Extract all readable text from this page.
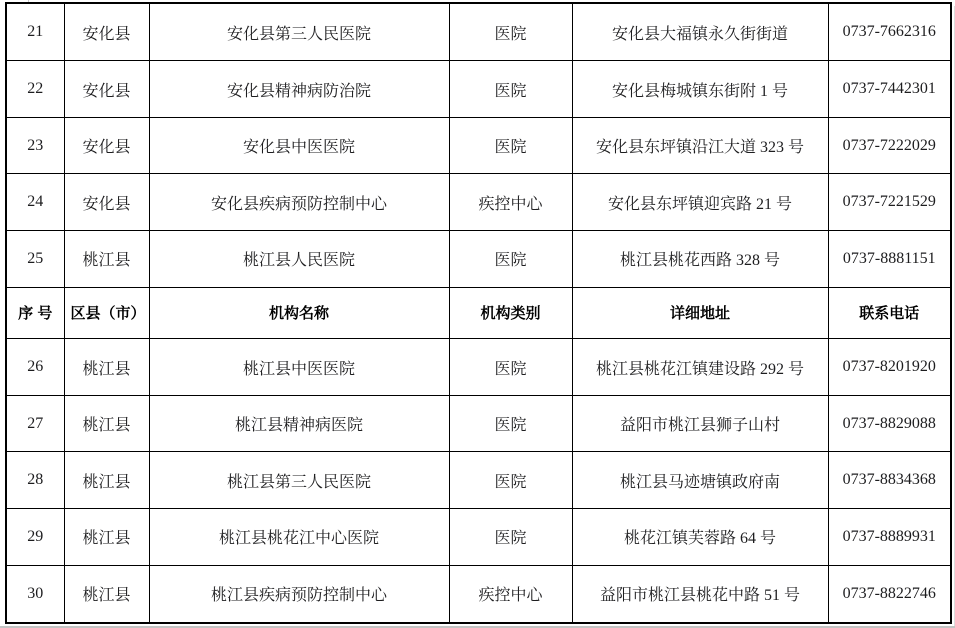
21	安化县	安化县第三人民医院	医院	安化县大福镇永久街街道	0737-7662316
22	安化县	安化县精神病防治院	医院	安化县梅城镇东街附 1 号	0737-7442301
23	安化县	安化县中医医院	医院	安化县东坪镇沿江大道 323 号	0737-7222029
24	安化县	安化县疾病预防控制中心	疾控中心	安化县东坪镇迎宾路 21 号	0737-7221529
25	桃江县	桃江县人民医院	医院	桃江县桃花西路 328 号	0737-8881151
序 号	区县（市）	机构名称	机构类别	详细地址	联系电话
26	桃江县	桃江县中医医院	医院	桃江县桃花江镇建设路 292 号	0737-8201920
27	桃江县	桃江县精神病医院	医院	益阳市桃江县狮子山村	0737-8829088
28	桃江县	桃江县第三人民医院	医院	桃江县马迹塘镇政府南	0737-8834368
29	桃江县	桃江县桃花江中心医院	医院	桃花江镇芙蓉路 64 号	0737-8889931
30	桃江县	桃江县疾病预防控制中心	疾控中心	益阳市桃江县桃花中路 51 号	0737-8822746
